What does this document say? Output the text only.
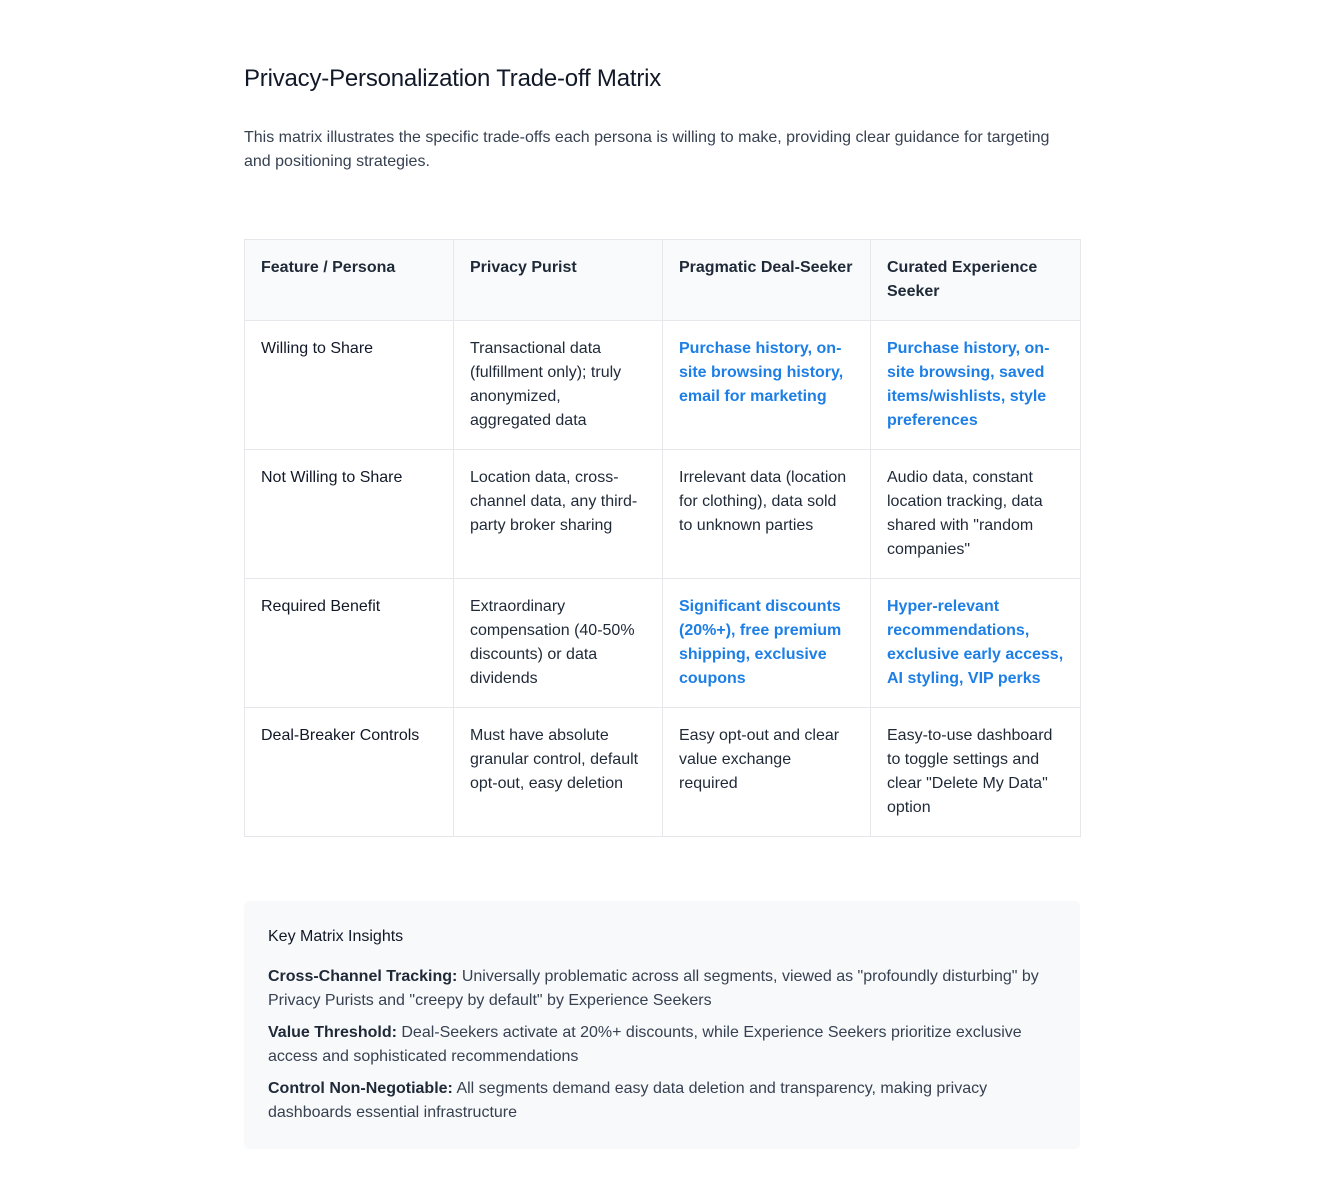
Privacy-Personalization Trade-off Matrix

This matrix illustrates the specific trade-offs each persona is willing to make, providing clear guidance for targeting and positioning strategies.

Feature / Persona	Privacy Purist	Pragmatic Deal-Seeker	Curated Experience Seeker
Willing to Share	Transactional data (fulfillment only); truly anonymized, aggregated data	Purchase history, on-site browsing history, email for marketing	Purchase history, on-site browsing, saved items/wishlists, style preferences
Not Willing to Share	Location data, cross-channel data, any third-party broker sharing	Irrelevant data (location for clothing), data sold to unknown parties	Audio data, constant location tracking, data shared with "random companies"
Required Benefit	Extraordinary compensation (40-50% discounts) or data dividends	Significant discounts (20%+), free premium shipping, exclusive coupons	Hyper-relevant recommendations, exclusive early access, AI styling, VIP perks
Deal-Breaker Controls	Must have absolute granular control, default opt-out, easy deletion	Easy opt-out and clear value exchange required	Easy-to-use dashboard to toggle settings and clear "Delete My Data" option
Key Matrix Insights
Cross-Channel Tracking: Universally problematic across all segments, viewed as "profoundly disturbing" by Privacy Purists and "creepy by default" by Experience Seekers
Value Threshold: Deal-Seekers activate at 20%+ discounts, while Experience Seekers prioritize exclusive access and sophisticated recommendations
Control Non-Negotiable: All segments demand easy data deletion and transparency, making privacy dashboards essential infrastructure
